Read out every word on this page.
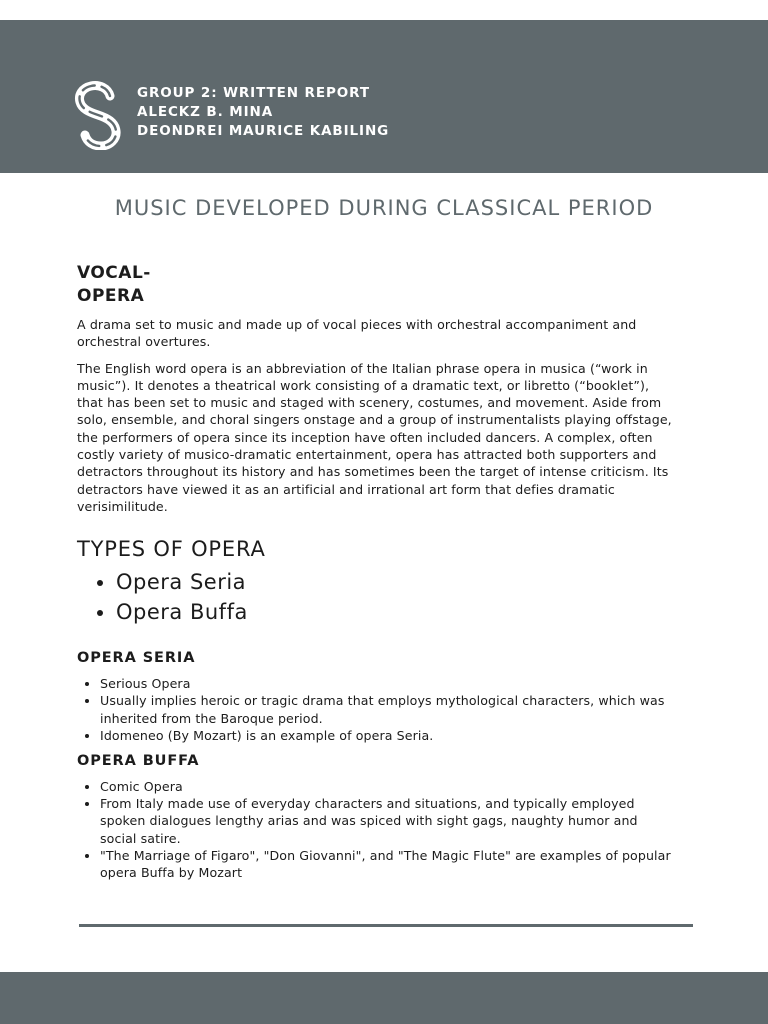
GROUP 2: WRITTEN REPORT
ALECKZ B. MINA
DEONDREI MAURICE KABILING
MUSIC DEVELOPED DURING CLASSICAL PERIOD
VOCAL-OPERA

A drama set to music and made up of vocal pieces with orchestral accompaniment and orchestral overtures.

The English word opera is an abbreviation of the Italian phrase opera in musica (“work in music”). It denotes a theatrical work consisting of a dramatic text, or libretto (“booklet”), that has been set to music and staged with scenery, costumes, and movement. Aside from solo, ensemble, and choral singers onstage and a group of instrumentalists playing offstage, the performers of opera since its inception have often included dancers. A complex, often costly variety of musico-dramatic entertainment, opera has attracted both supporters and detractors throughout its history and has sometimes been the target of intense criticism. Its detractors have viewed it as an artificial and irrational art form that defies dramatic verisimilitude.

TYPES OF OPERA
• Opera Seria
• Opera Buffa
OPERA SERIA
• Serious Opera
• Usually implies heroic or tragic drama that employs mythological characters, which was inherited from the Baroque period.
• Idomeneo (By Mozart) is an example of opera Seria.
OPERA BUFFA
• Comic Opera
• From Italy made use of everyday characters and situations, and typically employed spoken dialogues lengthy arias and was spiced with sight gags, naughty humor and social satire.
• "The Marriage of Figaro", "Don Giovanni", and "The Magic Flute" are examples of popular opera Buffa by Mozart
